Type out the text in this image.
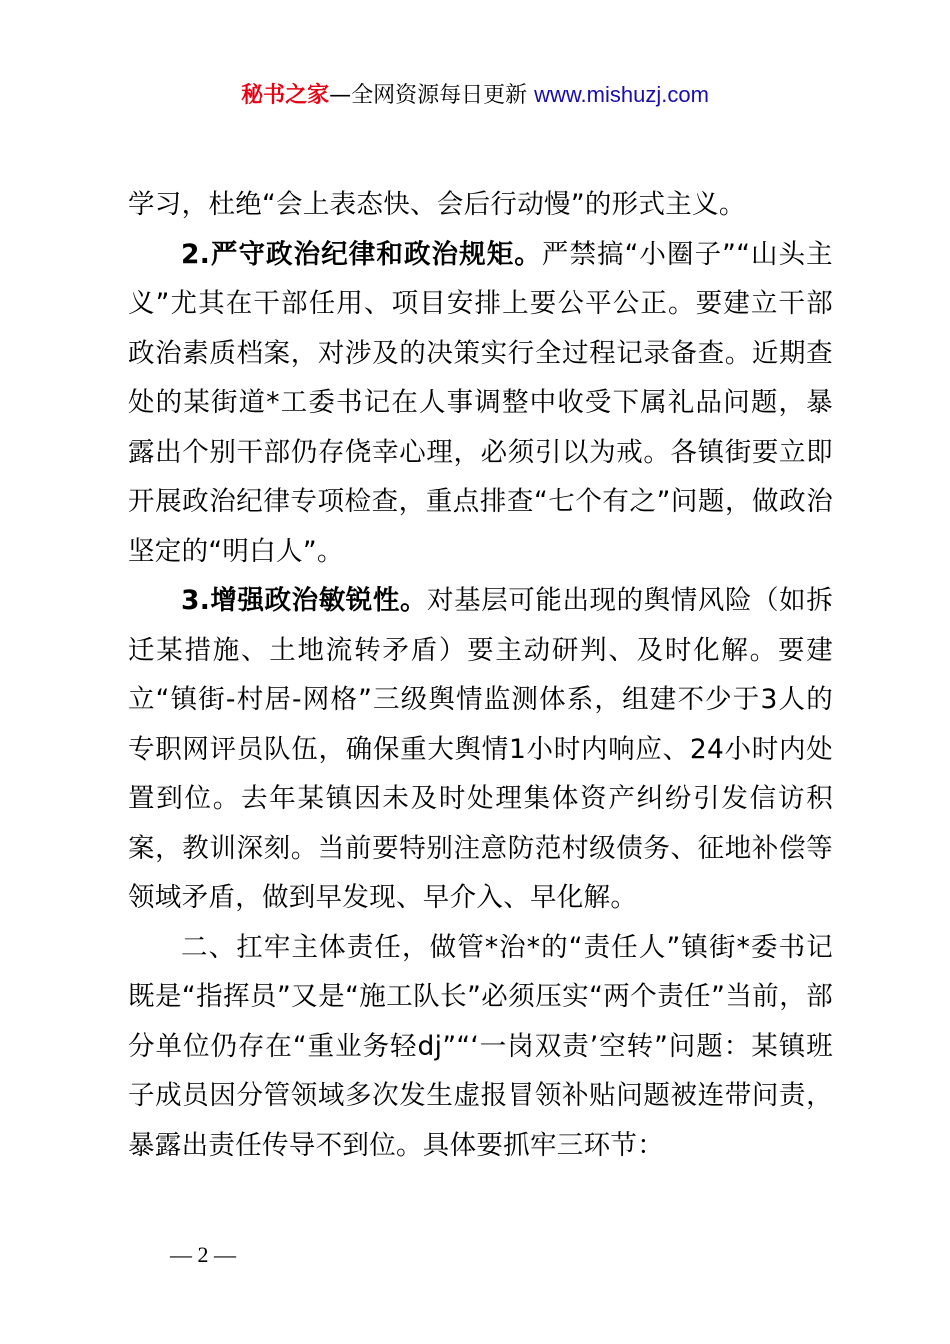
秘书之家—全网资源每日更新 www.mishuzj.com

学习，杜绝“会上表态快、会后行动慢”的形式主义。

2.严守政治纪律和政治规矩。严禁搞“小圈子”“山头主义”尤其在干部任用、项目安排上要公平公正。要建立干部政治素质档案，对涉及的决策实行全过程记录备查。近期查处的某街道*工委书记在人事调整中收受下属礼品问题，暴露出个别干部仍存侥幸心理，必须引以为戒。各镇街要立即开展政治纪律专项检查，重点排查“七个有之”问题，做政治坚定的“明白人”。

3.增强政治敏锐性。对基层可能出现的舆情风险（如拆迁某措施、土地流转矛盾）要主动研判、及时化解。要建立“镇街-村居-网格”三级舆情监测体系，组建不少于3人的专职网评员队伍，确保重大舆情1小时内响应、24小时内处置到位。去年某镇因未及时处理集体资产纠纷引发信访积案，教训深刻。当前要特别注意防范村级债务、征地补偿等领域矛盾，做到早发现、早介入、早化解。

二、扛牢主体责任，做管*治*的“责任人”镇街*委书记既是“指挥员”又是“施工队长”必须压实“两个责任”当前，部分单位仍存在“重业务轻dj”“‘一岗双责’空转”问题：某镇班子成员因分管领域多次发生虚报冒领补贴问题被连带问责，暴露出责任传导不到位。具体要抓牢三环节：

— 2 —
